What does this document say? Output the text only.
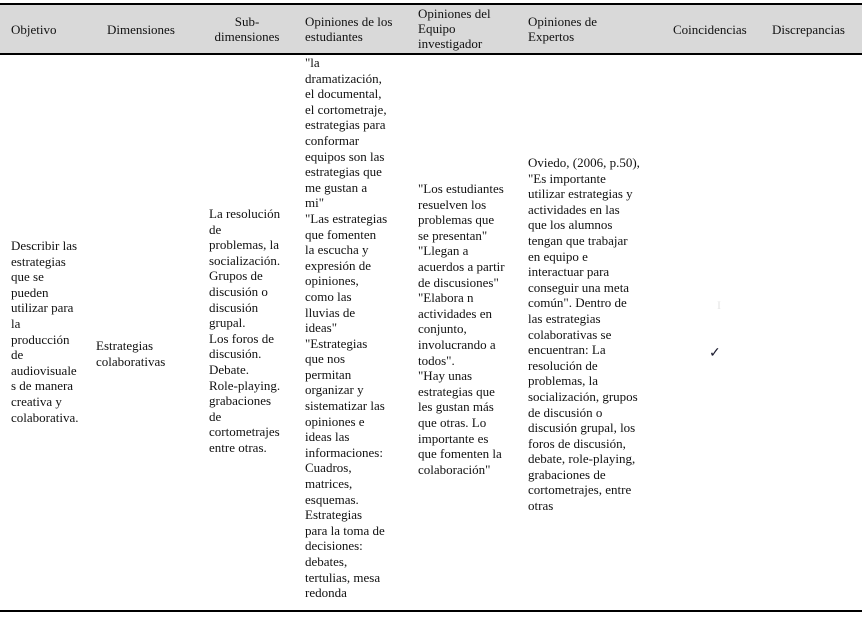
Objetivo	Dimensiones
Sub-
dimensiones
Opiniones de los
estudiantes
Opiniones del
Equipo
investigador
Opiniones de
Expertos	Coincidencias Discrepancias
Describir las
estrategias
que se
pueden
utilizar para
la
producción
de
audiovisuale
s de manera
creativa y
colaborativa.
Estrategias
colaborativas
La resolución
de
problemas, la
socialización.
Grupos de
discusión o
discusión
grupal.
Los foros de
discusión.
Debate.
Role-playing.
grabaciones
de
cortometrajes
entre otras.
"la
dramatización,
el documental,
el cortometraje,
estrategias para
conformar
equipos son las
estrategias que
me gustan a
mi"
"Las estrategias
que fomenten
la escucha y
expresión de
opiniones,
como las
lluvias de
ideas"
"Estrategias
que nos
permitan
organizar y
sistematizar las
opiniones e
ideas las
informaciones:
Cuadros,
matrices,
esquemas.
Estrategias
para la toma de
decisiones:
debates,
tertulias, mesa
redonda
"Los estudiantes
resuelven los
problemas que
se presentan"
"Llegan a
acuerdos a partir
de discusiones"
"Elabora n
actividades en
conjunto,
involucrando a
todos".
"Hay unas
estrategias que
les gustan más
que otras. Lo
importante es
que fomenten la
colaboración"
Oviedo, (2006, p.50),
"Es importante
utilizar estrategias y
actividades en las
que los alumnos
tengan que trabajar
en equipo e
interactuar para
conseguir una meta
común". Dentro de
las estrategias
colaborativas se
encuentran: La
resolución de
problemas, la
socialización, grupos
de discusión o
discusión grupal, los
foros de discusión,
debate, role-playing,
grabaciones de
cortometrajes, entre
otras
✓
I
